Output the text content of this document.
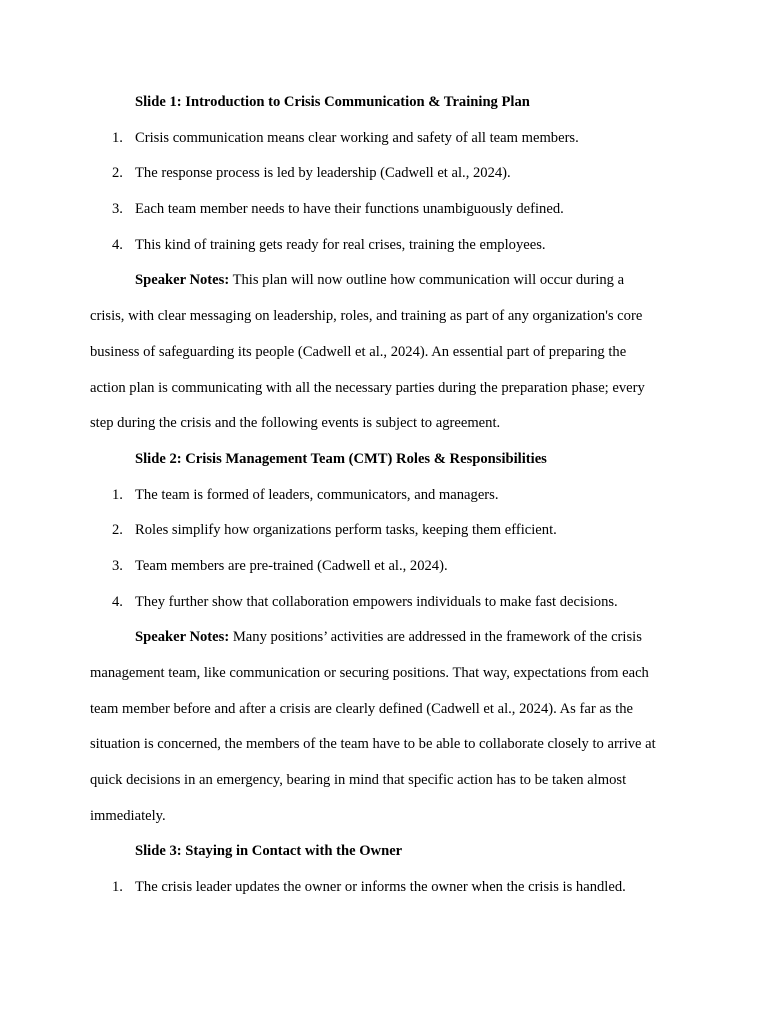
Slide 1: Introduction to Crisis Communication & Training Plan
1. Crisis communication means clear working and safety of all team members.
2. The response process is led by leadership (Cadwell et al., 2024).
3. Each team member needs to have their functions unambiguously defined.
4. This kind of training gets ready for real crises, training the employees.
Speaker Notes: This plan will now outline how communication will occur during a
crisis, with clear messaging on leadership, roles, and training as part of any organization's core
business of safeguarding its people (Cadwell et al., 2024). An essential part of preparing the
action plan is communicating with all the necessary parties during the preparation phase; every
step during the crisis and the following events is subject to agreement.
Slide 2: Crisis Management Team (CMT) Roles & Responsibilities
1. The team is formed of leaders, communicators, and managers.
2. Roles simplify how organizations perform tasks, keeping them efficient.
3. Team members are pre-trained (Cadwell et al., 2024).
4. They further show that collaboration empowers individuals to make fast decisions.
Speaker Notes: Many positions’ activities are addressed in the framework of the crisis
management team, like communication or securing positions. That way, expectations from each
team member before and after a crisis are clearly defined (Cadwell et al., 2024). As far as the
situation is concerned, the members of the team have to be able to collaborate closely to arrive at
quick decisions in an emergency, bearing in mind that specific action has to be taken almost
immediately.
Slide 3: Staying in Contact with the Owner
1. The crisis leader updates the owner or informs the owner when the crisis is handled.
